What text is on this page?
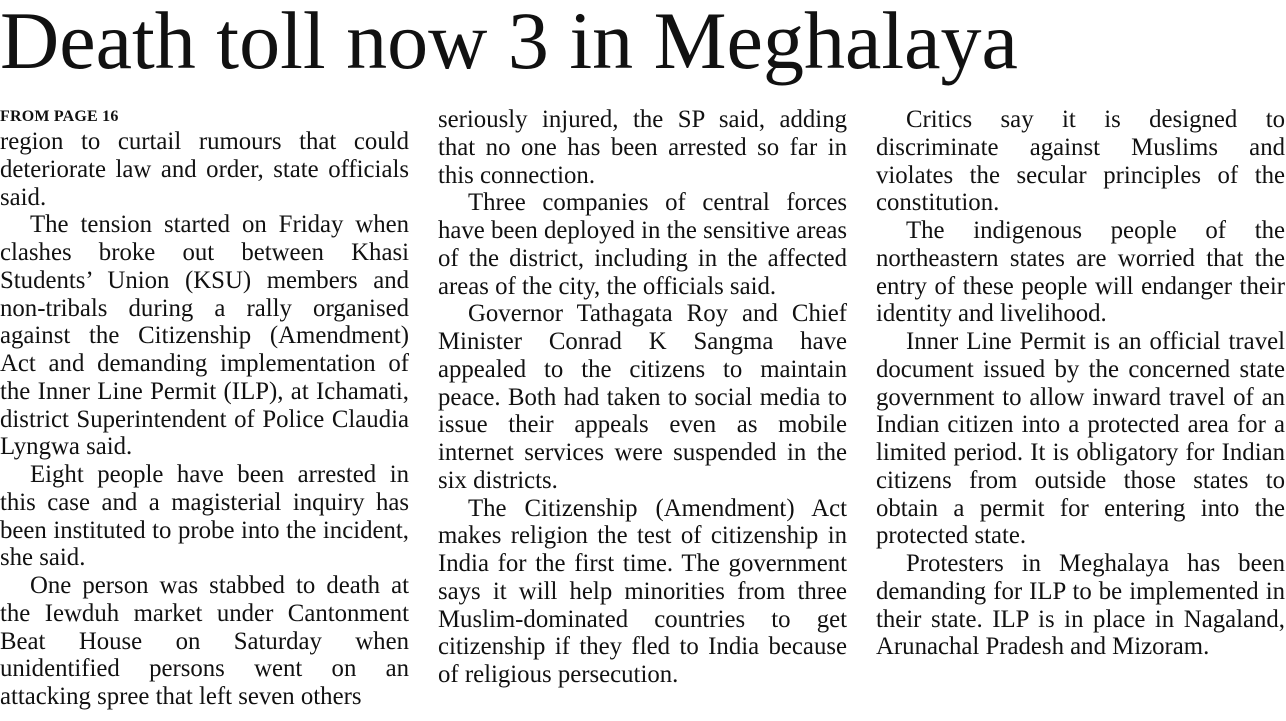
Death toll now 3 in Meghalaya
FROM PAGE 16

region to curtail rumours that could deteriorate law and order, state officials said.

The tension started on Friday when clashes broke out between Khasi Students’ Union (KSU) members and non-tribals during a rally organised against the Citizenship (Amendment) Act and demanding implementation of the Inner Line Permit (ILP), at Ichamati, district Superintendent of Police Claudia Lyngwa said.

Eight people have been arrested in this case and a magisterial inquiry has been instituted to probe into the incident, she said.

One person was stabbed to death at the Iewduh market under Cantonment Beat House on Saturday when unidentified persons went on an attacking spree that left seven others

seriously injured, the SP said, adding that no one has been arrested so far in this connection.

Three companies of central forces have been deployed in the sensitive areas of the district, including in the affected areas of the city, the officials said.

Governor Tathagata Roy and Chief Minister Conrad K Sangma have appealed to the citizens to maintain peace. Both had taken to social media to issue their appeals even as mobile internet services were suspended in the six districts.

The Citizenship (Amendment) Act makes religion the test of citizenship in India for the first time. The government says it will help minorities from three Muslim-dominated countries to get citizenship if they fled to India because of religious persecution.

Critics say it is designed to discriminate against Muslims and violates the secular principles of the constitution.

The indigenous people of the northeastern states are worried that the entry of these people will endanger their identity and livelihood.

Inner Line Permit is an official travel document issued by the concerned state government to allow inward travel of an Indian citizen into a protected area for a limited period. It is obligatory for Indian citizens from outside those states to obtain a permit for entering into the protected state.

Protesters in Meghalaya has been demanding for ILP to be implemented in their state. ILP is in place in Nagaland, Arunachal Pradesh and Mizoram.
